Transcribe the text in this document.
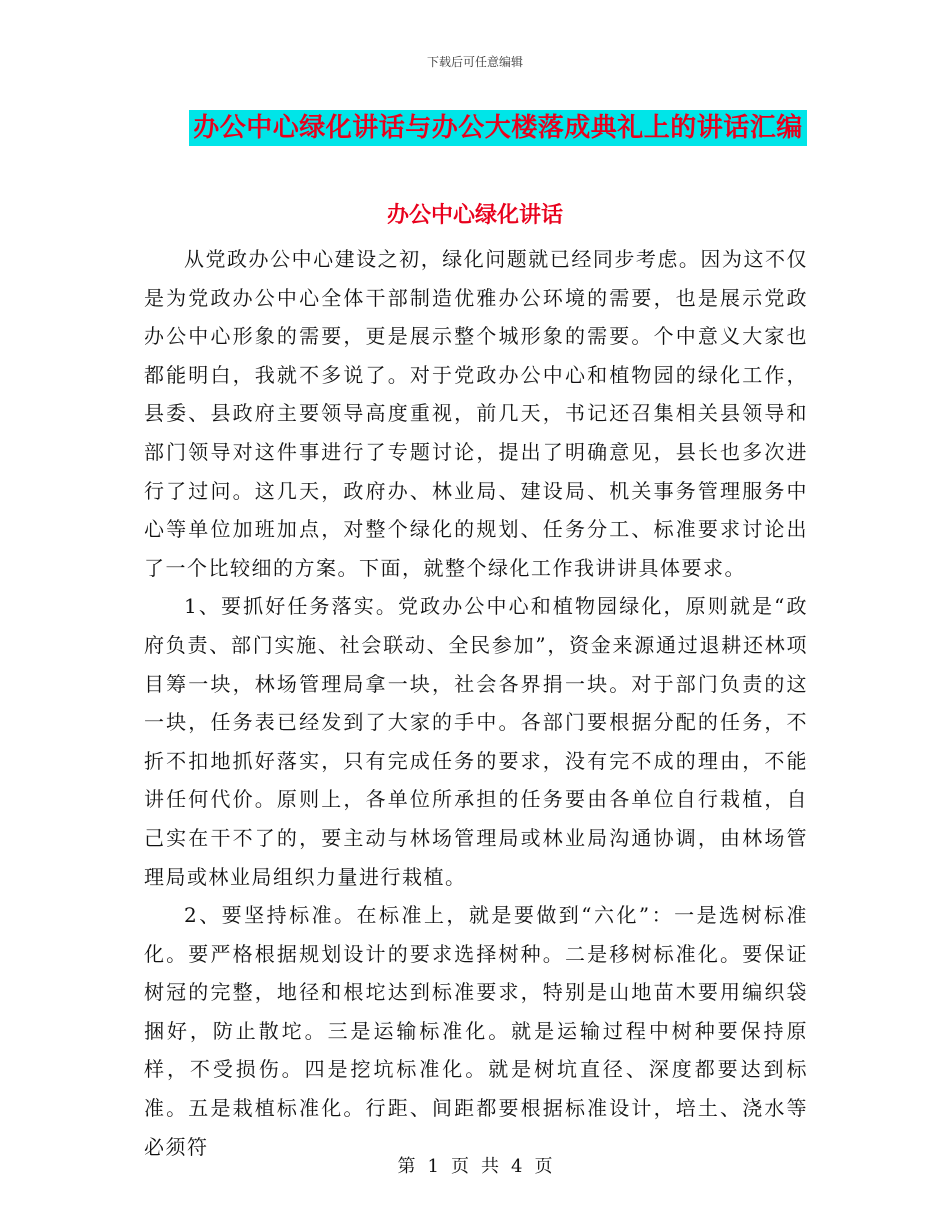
下载后可任意编辑
办公中心绿化讲话与办公大楼落成典礼上的讲话汇编
办公中心绿化讲话

从党政办公中心建设之初，绿化问题就已经同步考虑。因为这不仅是为党政办公中心全体干部制造优雅办公环境的需要，也是展示党政办公中心形象的需要，更是展示整个城形象的需要。个中意义大家也都能明白，我就不多说了。对于党政办公中心和植物园的绿化工作，县委、县政府主要领导高度重视，前几天，书记还召集相关县领导和部门领导对这件事进行了专题讨论，提出了明确意见，县长也多次进行了过问。这几天，政府办、林业局、建设局、机关事务管理服务中心等单位加班加点，对整个绿化的规划、任务分工、标准要求讨论出了一个比较细的方案。下面，就整个绿化工作我讲讲具体要求。

1、要抓好任务落实。党政办公中心和植物园绿化，原则就是“政府负责、部门实施、社会联动、全民参加”，资金来源通过退耕还林项目筹一块，林场管理局拿一块，社会各界捐一块。对于部门负责的这一块，任务表已经发到了大家的手中。各部门要根据分配的任务，不折不扣地抓好落实，只有完成任务的要求，没有完不成的理由，不能讲任何代价。原则上，各单位所承担的任务要由各单位自行栽植，自己实在干不了的，要主动与林场管理局或林业局沟通协调，由林场管理局或林业局组织力量进行栽植。

2、要坚持标准。在标准上，就是要做到“六化”：一是选树标准化。要严格根据规划设计的要求选择树种。二是移树标准化。要保证树冠的完整，地径和根坨达到标准要求，特别是山地苗木要用编织袋捆好，防止散坨。三是运输标准化。就是运输过程中树种要保持原样，不受损伤。四是挖坑标准化。就是树坑直径、深度都要达到标准。五是栽植标准化。行距、间距都要根据标准设计，培土、浇水等必须符

第 1 页 共 4 页
